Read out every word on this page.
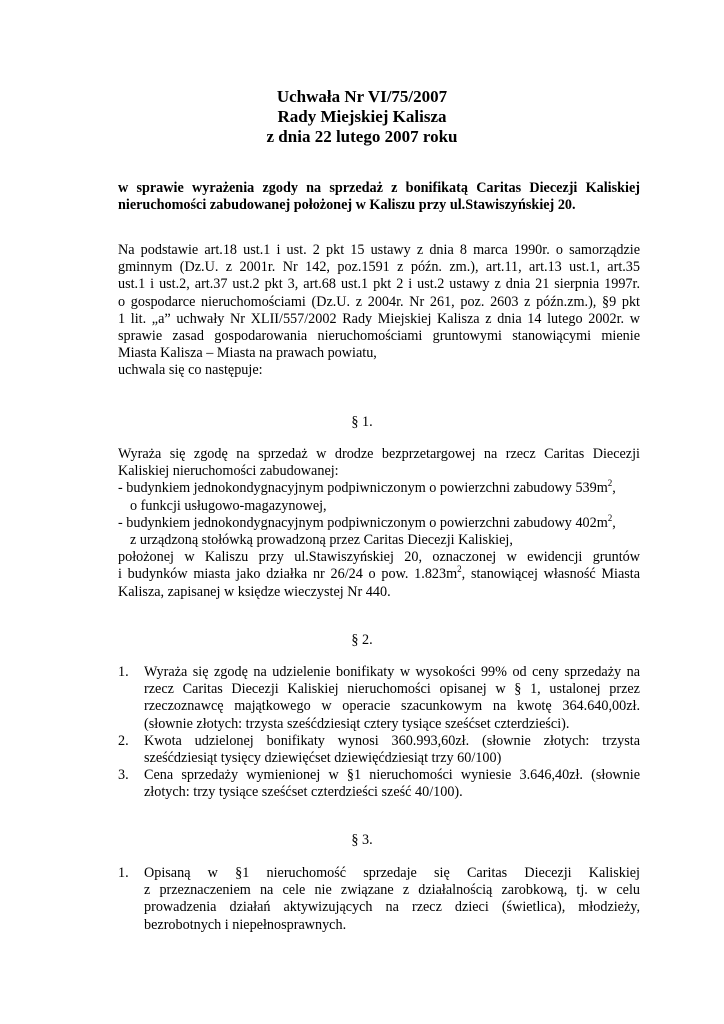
Uchwała Nr VI/75/2007
Rady Miejskiej Kalisza
z dnia 22 lutego 2007 roku
w sprawie wyrażenia zgody na sprzedaż z bonifikatą Caritas Diecezji Kaliskiej
nieruchomości zabudowanej położonej w Kaliszu przy ul.Stawiszyńskiej 20.
Na podstawie art.18 ust.1 i ust. 2 pkt 15 ustawy z dnia 8 marca 1990r. o samorządzie
gminnym (Dz.U. z 2001r. Nr 142, poz.1591 z późn. zm.), art.11, art.13 ust.1, art.35
ust.1 i ust.2, art.37 ust.2 pkt 3, art.68 ust.1 pkt 2 i ust.2 ustawy z dnia 21 sierpnia 1997r.
o gospodarce nieruchomościami (Dz.U. z 2004r. Nr 261, poz. 2603 z późn.zm.), §9 pkt
1 lit. „a” uchwały Nr XLII/557/2002 Rady Miejskiej Kalisza z dnia 14 lutego 2002r. w
sprawie zasad gospodarowania nieruchomościami gruntowymi stanowiącymi mienie
Miasta Kalisza – Miasta na prawach powiatu,
uchwala się co następuje:
§ 1.
Wyraża się zgodę na sprzedaż w drodze bezprzetargowej na rzecz Caritas Diecezji
Kaliskiej nieruchomości zabudowanej:
- budynkiem jednokondygnacyjnym podpiwniczonym o powierzchni zabudowy $539m^2$,
o funkcji usługowo-magazynowej,
- budynkiem jednokondygnacyjnym podpiwniczonym o powierzchni zabudowy $402m^2$,
z urządzoną stołówką prowadzoną przez Caritas Diecezji Kaliskiej,
położonej w Kaliszu przy ul.Stawiszyńskiej 20, oznaczonej w ewidencji gruntów
i budynków miasta jako działka nr 26/24 o pow. $1.823m^2$, stanowiącej własność Miasta
Kalisza, zapisanej w księdze wieczystej Nr 440.
§ 2.
1. Wyraża się zgodę na udzielenie bonifikaty w wysokości 99% od ceny sprzedaży na
rzecz Caritas Diecezji Kaliskiej nieruchomości opisanej w § 1, ustalonej przez
rzeczoznawcę majątkowego w operacie szacunkowym na kwotę 364.640,00zł.
(słownie złotych: trzysta sześćdziesiąt cztery tysiące sześćset czterdzieści).
2. Kwota udzielonej bonifikaty wynosi 360.993,60zł. (słownie złotych: trzysta
sześćdziesiąt tysięcy dziewięćset dziewięćdziesiąt trzy 60/100)
3. Cena sprzedaży wymienionej w §1 nieruchomości wyniesie 3.646,40zł. (słownie
złotych: trzy tysiące sześćset czterdzieści sześć 40/100).
§ 3.
1. Opisaną w §1 nieruchomość sprzedaje się Caritas Diecezji Kaliskiej
z przeznaczeniem na cele nie związane z działalnością zarobkową, tj. w celu
prowadzenia działań aktywizujących na rzecz dzieci (świetlica), młodzieży,
bezrobotnych i niepełnosprawnych.
